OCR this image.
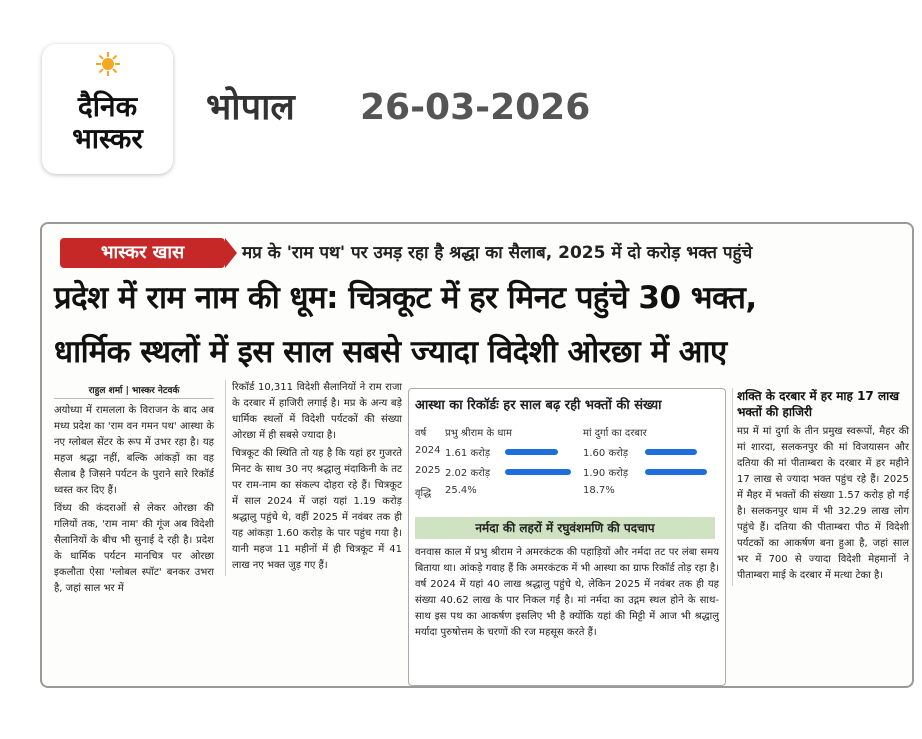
दैनिक
भास्कर
भोपाल 26-03-2026
भास्कर खास	मप्र के 'राम पथ' पर उमड़ रहा है श्रद्धा का सैलाब, 2025 में दो करोड़ भक्त पहुंचे
प्रदेश में राम नाम की धूम: चित्रकूट में हर मिनट पहुंचे 30 भक्त,
धार्मिक स्थलों में इस साल सबसे ज्यादा विदेशी ओरछा में आए
राहुल शर्मा | भास्कर नेटवर्क

अयोध्या में रामलला के विराजन के बाद अब मध्य प्रदेश का 'राम वन गमन पथ' आस्था के नए ग्लोबल सेंटर के रूप में उभर रहा है। यह महज श्रद्धा नहीं, बल्कि आंकड़ों का वह सैलाब है जिसने पर्यटन के पुराने सारे रिकॉर्ड ध्वस्त कर दिए हैं।

विंध्य की कंदराओं से लेकर ओरछा की गलियों तक, 'राम नाम' की गूंज अब विदेशी सैलानियों के बीच भी सुनाई दे रही है। प्रदेश के धार्मिक पर्यटन मानचित्र पर ओरछा इकलौता ऐसा 'ग्लोबल स्पॉट' बनकर उभरा है, जहां साल भर में

रिकॉर्ड 10,311 विदेशी सैलानियों ने राम राजा के दरबार में हाजिरी लगाई है। मप्र के अन्य बड़े धार्मिक स्थलों में विदेशी पर्यटकों की संख्या ओरछा में ही सबसे ज्यादा है।

चित्रकूट की स्थिति तो यह है कि यहां हर गुजरते मिनट के साथ 30 नए श्रद्धालु मंदाकिनी के तट पर राम-नाम का संकल्प दोहरा रहे हैं। चित्रकूट में साल 2024 में जहां यहां 1.19 करोड़ श्रद्धालु पहुंचे थे, वहीं 2025 में नवंबर तक ही यह आंकड़ा 1.60 करोड़ के पार पहुंच गया है। यानी महज 11 महीनों में ही चित्रकूट में 41 लाख नए भक्त जुड़ गए हैं।

आस्था का रिकॉर्डः हर साल बढ़ रही भक्तों की संख्या
वर्ष प्रभु श्रीराम के धाम	मां दुर्गा का दरबार
2024 1.61 करोड़	1.60 करोड़
2025 2.02 करोड़	1.90 करोड़
वृद्धि 25.4%	18.7%
नर्मदा की लहरों में रघुवंशमणि की पदचाप

वनवास काल में प्रभु श्रीराम ने अमरकंटक की पहाड़ियों और नर्मदा तट पर लंबा समय बिताया था। आंकड़े गवाह हैं कि अमरकंटक में भी आस्था का ग्राफ रिकॉर्ड तोड़ रहा है। वर्ष 2024 में यहां 40 लाख श्रद्धालु पहुंचे थे, लेकिन 2025 में नवंबर तक ही यह संख्या 40.62 लाख के पार निकल गई है। मां नर्मदा का उद्गम स्थल होने के साथ-साथ इस पथ का आकर्षण इसलिए भी है क्योंकि यहां की मिट्टी में आज भी श्रद्धालु मर्यादा पुरुषोत्तम के चरणों की रज महसूस करते हैं।

शक्ति के दरबार में हर माह 17 लाख भक्तों की हाजिरी

मप्र में मां दुर्गा के तीन प्रमुख स्वरूपों, मैहर की मां शारदा, सलकनपुर की मां विजयासन और दतिया की मां पीताम्बरा के दरबार में हर महीने 17 लाख से ज्यादा भक्त पहुंच रहे हैं। 2025 में मैहर में भक्तों की संख्या 1.57 करोड़ हो गई है। सलकनपुर धाम में भी 32.29 लाख लोग पहुंचे हैं। दतिया की पीताम्बरा पीठ में विदेशी पर्यटकों का आकर्षण बना हुआ है, जहां साल भर में 700 से ज्यादा विदेशी मेहमानों ने पीताम्बरा माई के दरबार में मत्था टेका है।
